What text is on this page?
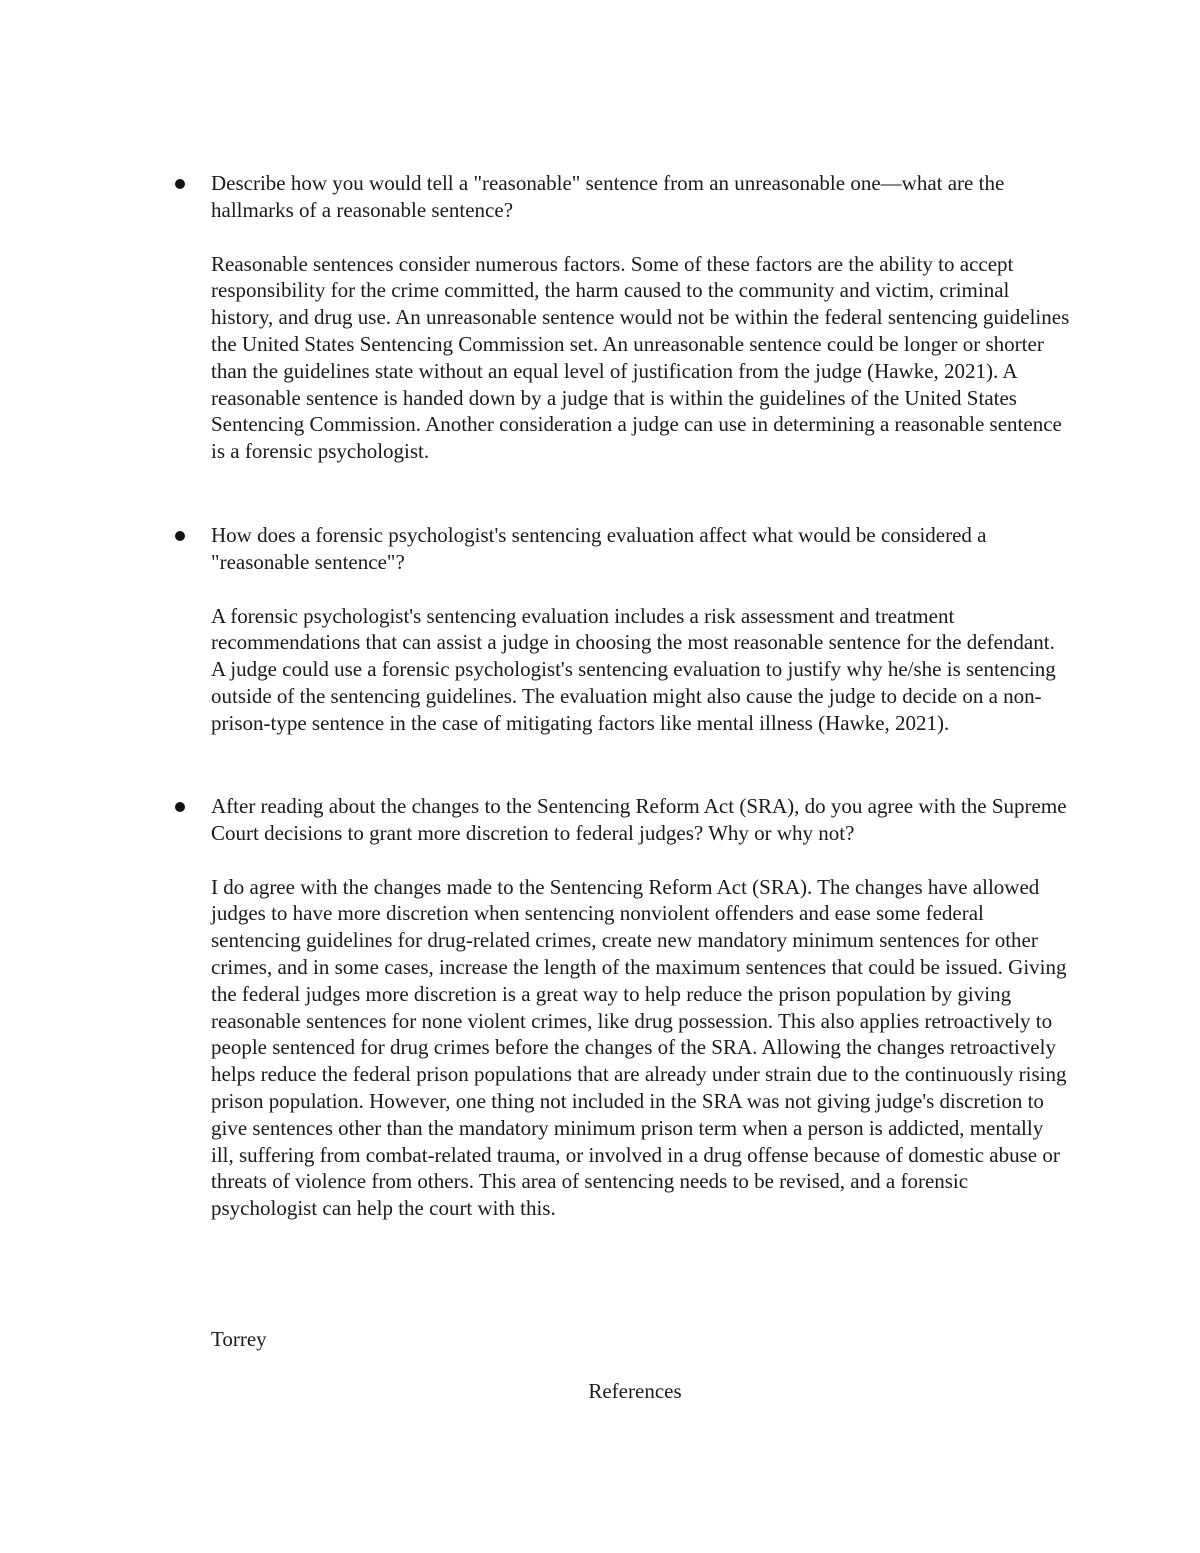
Describe how you would tell a "reasonable" sentence from an unreasonable one—what are the hallmarks of a reasonable sentence?

Reasonable sentences consider numerous factors. Some of these factors are the ability to accept responsibility for the crime committed, the harm caused to the community and victim, criminal history, and drug use. An unreasonable sentence would not be within the federal sentencing guidelines the United States Sentencing Commission set. An unreasonable sentence could be longer or shorter than the guidelines state without an equal level of justification from the judge (Hawke, 2021). A reasonable sentence is handed down by a judge that is within the guidelines of the United States Sentencing Commission. Another consideration a judge can use in determining a reasonable sentence is a forensic psychologist.

How does a forensic psychologist's sentencing evaluation affect what would be considered a "reasonable sentence"?

A forensic psychologist's sentencing evaluation includes a risk assessment and treatment recommendations that can assist a judge in choosing the most reasonable sentence for the defendant. A judge could use a forensic psychologist's sentencing evaluation to justify why he/she is sentencing outside of the sentencing guidelines. The evaluation might also cause the judge to decide on a non-prison-type sentence in the case of mitigating factors like mental illness (Hawke, 2021).

After reading about the changes to the Sentencing Reform Act (SRA), do you agree with the Supreme Court decisions to grant more discretion to federal judges? Why or why not?

I do agree with the changes made to the Sentencing Reform Act (SRA). The changes have allowed judges to have more discretion when sentencing nonviolent offenders and ease some federal sentencing guidelines for drug-related crimes, create new mandatory minimum sentences for other crimes, and in some cases, increase the length of the maximum sentences that could be issued. Giving the federal judges more discretion is a great way to help reduce the prison population by giving reasonable sentences for none violent crimes, like drug possession. This also applies retroactively to people sentenced for drug crimes before the changes of the SRA. Allowing the changes retroactively helps reduce the federal prison populations that are already under strain due to the continuously rising prison population. However, one thing not included in the SRA was not giving judge's discretion to give sentences other than the mandatory minimum prison term when a person is addicted, mentally ill, suffering from combat-related trauma, or involved in a drug offense because of domestic abuse or threats of violence from others. This area of sentencing needs to be revised, and a forensic psychologist can help the court with this.

Torrey

References
